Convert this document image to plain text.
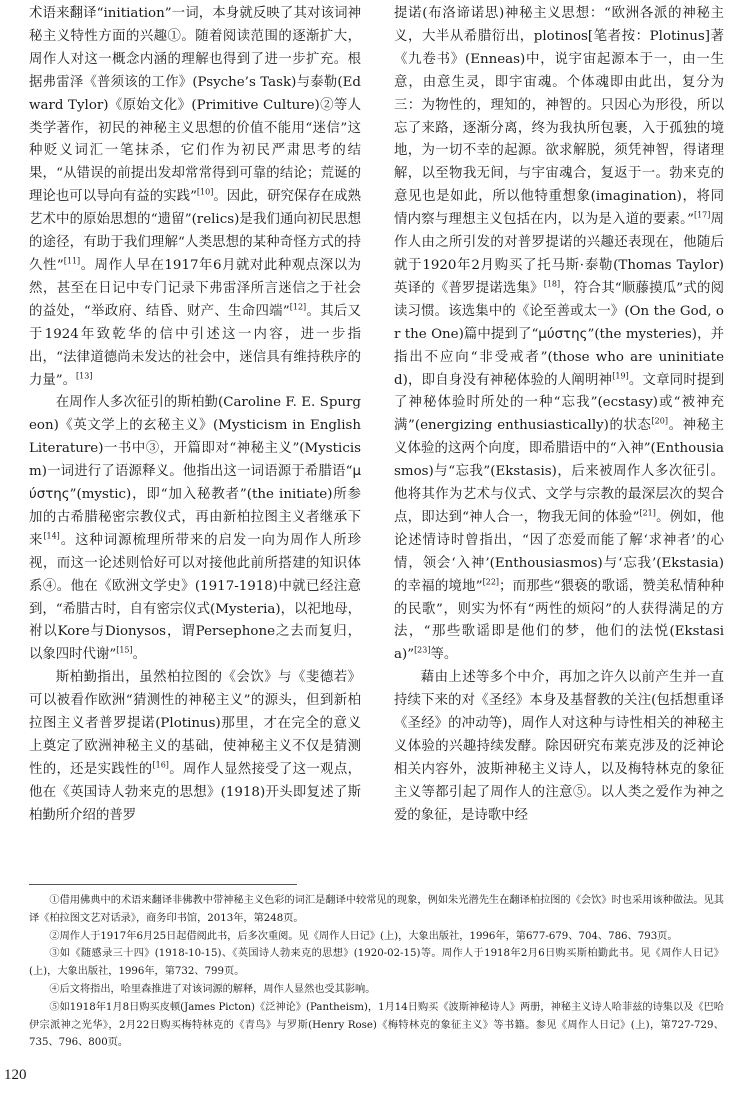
术语来翻译“initiation”一词，本身就反映了其对该词神秘主义特性方面的兴趣①。随着阅读范围的逐渐扩大，周作人对这一概念内涵的理解也得到了进一步扩充。根据弗雷泽《普须该的工作》(Psyche’s Task)与泰勒(Edward Tylor)《原始文化》(Primitive Culture)②等人类学著作，初民的神秘主义思想的价值不能用“迷信”这种贬义词汇一笔抹杀，它们作为初民严肃思考的结果，“从错误的前提出发却常常得到可靠的结论；荒诞的理论也可以导向有益的实践”[10]。因此，研究保存在成熟艺术中的原始思想的“遗留”(relics)是我们通向初民思想的途径，有助于我们理解“人类思想的某种奇怪方式的持久性”[11]。周作人早在1917年6月就对此种观点深以为然，甚至在日记中专门记录下弗雷泽所言迷信之于社会的益处，“举政府、结昏、财产、生命四端”[12]。其后又于1924年致乾华的信中引述这一内容，进一步指出，“法律道德尚未发达的社会中，迷信具有维持秩序的力量”。[13]

在周作人多次征引的斯柏勤(Caroline F. E. Spurgeon)《英文学上的玄秘主义》(Mysticism in English Literature)一书中③，开篇即对“神秘主义”(Mysticism)一词进行了语源释义。他指出这一词语源于希腊语“μύστης”(mystic)，即“加入秘教者”(the initiate)所参加的古希腊秘密宗教仪式，再由新柏拉图主义者继承下来[14]。这种词源梳理所带来的启发一向为周作人所珍视，而这一论述则恰好可以对接他此前所搭建的知识体系④。他在《欧洲文学史》(1917-1918)中就已经注意到，“希腊古时，自有密宗仪式(Mysteria)，以祀地母，祔以Kore与Dionysos，谓Persephone之去而复归，以象四时代谢”[15]。

斯柏勤指出，虽然柏拉图的《会饮》与《斐德若》可以被看作欧洲“猜测性的神秘主义”的源头，但到新柏拉图主义者普罗提诺(Plotinus)那里，才在完全的意义上奠定了欧洲神秘主义的基础，使神秘主义不仅是猜测性的，还是实践性的[16]。周作人显然接受了这一观点，他在《英国诗人勃来克的思想》(1918)开头即复述了斯柏勤所介绍的普罗

提诺(布洛谛诺思)神秘主义思想：“欧洲各派的神秘主义，大半从希腊衍出，plotinos[笔者按：Plotinus]著《九卷书》(Enneas)中，说宇宙起源本于一，由一生意，由意生灵，即宇宙魂。个体魂即由此出，复分为三：为物性的，理知的，神智的。只因心为形役，所以忘了来路，逐渐分离，终为我执所包裹，入于孤独的境地，为一切不幸的起源。欲求解脱，须凭神智，得诸理解，以至物我无间，与宇宙魂合，复返于一。勃来克的意见也是如此，所以他特重想象(imagination)，将同情内察与理想主义包括在内，以为是入道的要素。”[17]周作人由之所引发的对普罗提诺的兴趣还表现在，他随后就于1920年2月购买了托马斯·泰勒(Thomas Taylor)英译的《普罗提诺选集》[18]，符合其“顺藤摸瓜”式的阅读习惯。该选集中的《论至善或太一》(On the God, or the One)篇中提到了“μύστης”(the mysteries)，并指出不应向“非受戒者”(those who are uninitiated)，即自身没有神秘体验的人阐明神[19]。文章同时提到了神秘体验时所处的一种“忘我”(ecstasy)或“被神充满”(energizing enthusiastically)的状态[20]。神秘主义体验的这两个向度，即希腊语中的“入神”(Enthousiasmos)与“忘我”(Ekstasis)，后来被周作人多次征引。他将其作为艺术与仪式、文学与宗教的最深层次的契合点，即达到“神人合一，物我无间的体验”[21]。例如，他论述情诗时曾指出，“因了恋爱而能了解‘求神者’的心情，领会‘入神’(Enthousiasmos)与‘忘我’(Ekstasia)的幸福的境地”[22]；而那些“猥亵的歌谣，赞美私情种种的民歌”，则实为怀有“两性的烦闷”的人获得满足的方法，“那些歌谣即是他们的梦，他们的法悦(Ekstasia)”[23]等。

藉由上述等多个中介，再加之许久以前产生并一直持续下来的对《圣经》本身及基督教的关注(包括想重译《圣经》的冲动等)，周作人对这种与诗性相关的神秘主义体验的兴趣持续发酵。除因研究布莱克涉及的泛神论相关内容外，波斯神秘主义诗人，以及梅特林克的象征主义等都引起了周作人的注意⑤。以人类之爱作为神之爱的象征，是诗歌中经

①借用佛典中的术语来翻译非佛教中带神秘主义色彩的词汇是翻译中较常见的现象，例如朱光潜先生在翻译柏拉图的《会饮》时也采用该种做法。见其译《柏拉图文艺对话录》，商务印书馆，2013年，第248页。

②周作人于1917年6月25日起借阅此书，后多次重阅。见《周作人日记》(上)，大象出版社，1996年，第677-679、704、786、793页。

③如《随感录三十四》(1918-10-15)、《英国诗人勃来克的思想》(1920-02-15)等。周作人于1918年2月6日购买斯柏勤此书。见《周作人日记》(上)，大象出版社，1996年，第732、799页。

④后文将指出，哈里森推进了对该词源的解释，周作人显然也受其影响。

⑤如1918年1月8日购买皮顿(James Picton)《泛神论》(Pantheism)，1月14日购买《波斯神秘诗人》两册，神秘主义诗人哈菲兹的诗集以及《巴哈伊宗派神之光华》，2月22日购买梅特林克的《青鸟》与罗斯(Henry Rose)《梅特林克的象征主义》等书籍。参见《周作人日记》(上)，第727-729、735、796、800页。

120
